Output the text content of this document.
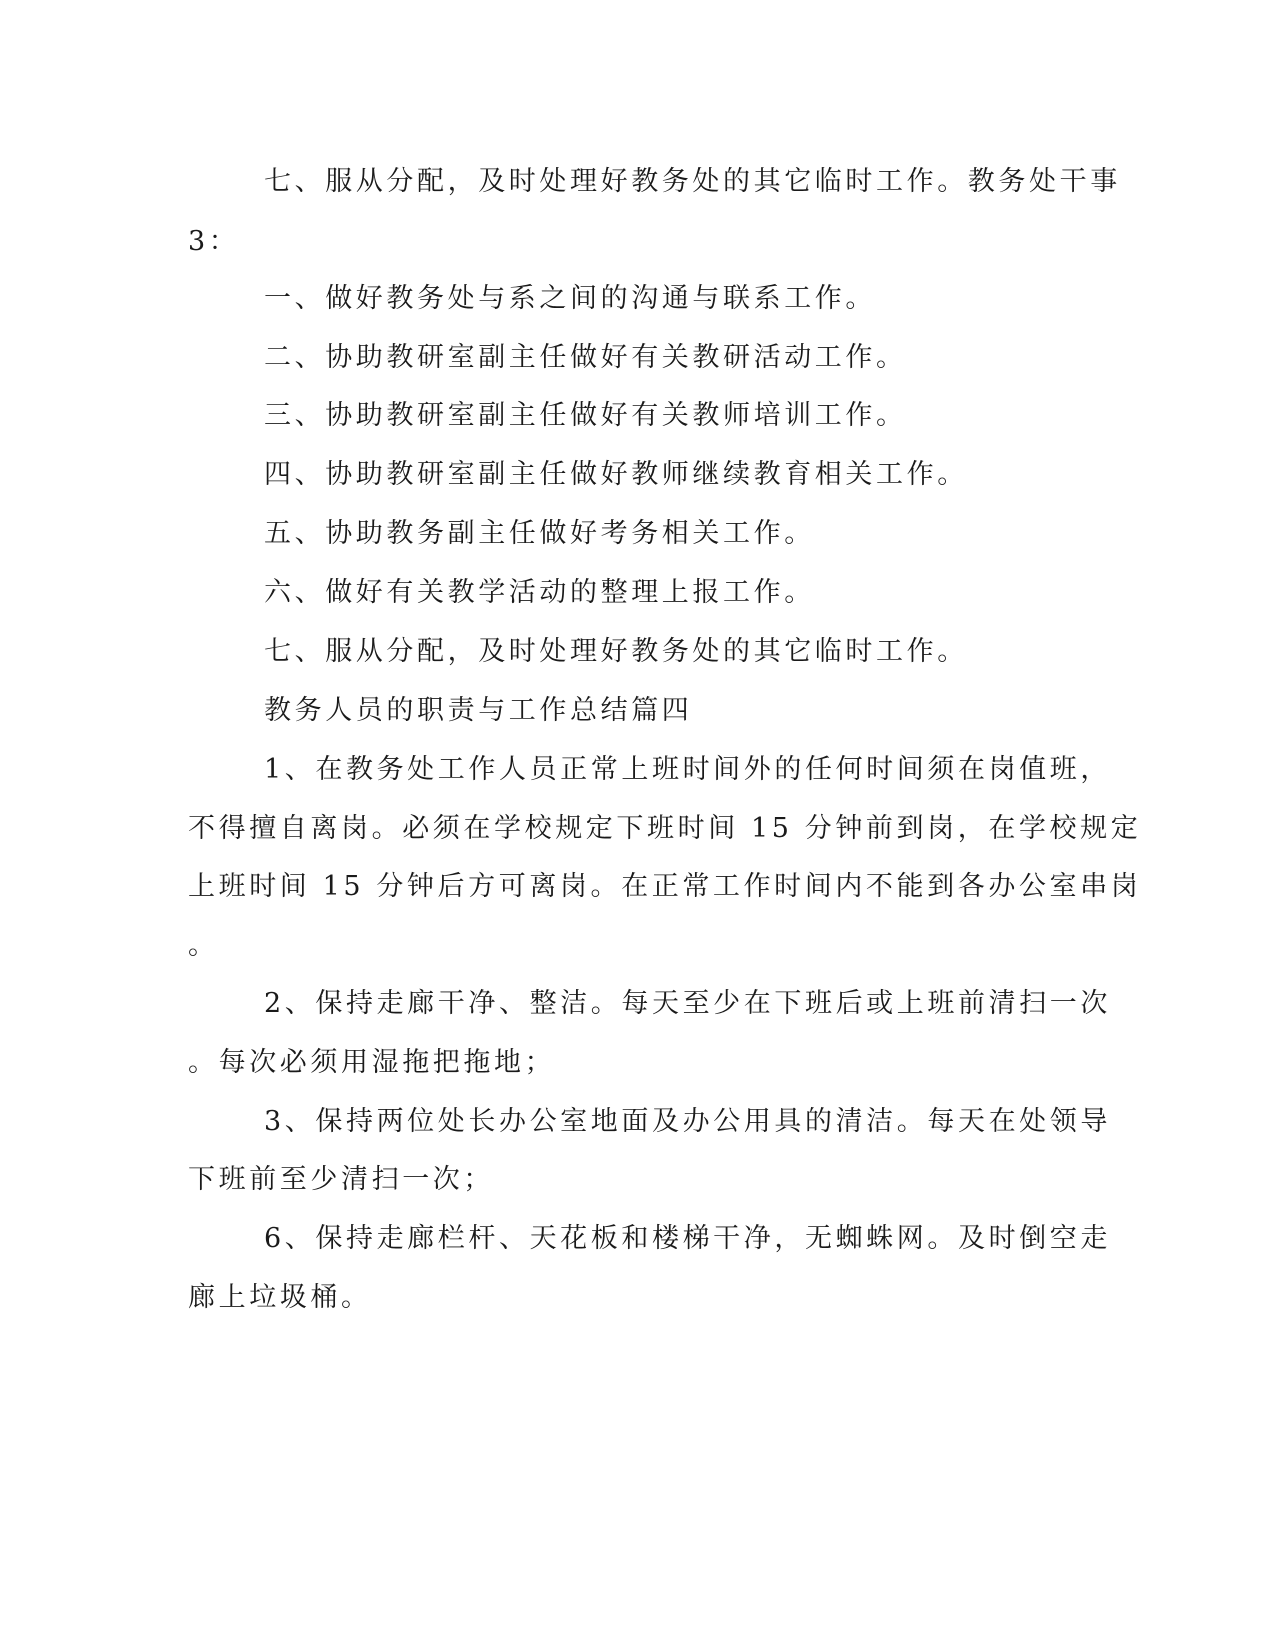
七、服从分配，及时处理好教务处的其它临时工作。教务处干事

3：

一、做好教务处与系之间的沟通与联系工作。

二、协助教研室副主任做好有关教研活动工作。

三、协助教研室副主任做好有关教师培训工作。

四、协助教研室副主任做好教师继续教育相关工作。

五、协助教务副主任做好考务相关工作。

六、做好有关教学活动的整理上报工作。

七、服从分配，及时处理好教务处的其它临时工作。

教务人员的职责与工作总结篇四

1、在教务处工作人员正常上班时间外的任何时间须在岗值班，

不得擅自离岗。必须在学校规定下班时间 15 分钟前到岗，在学校规定

上班时间 15 分钟后方可离岗。在正常工作时间内不能到各办公室串岗

。

2、保持走廊干净、整洁。每天至少在下班后或上班前清扫一次

。每次必须用湿拖把拖地；

3、保持两位处长办公室地面及办公用具的清洁。每天在处领导

下班前至少清扫一次；

6、保持走廊栏杆、天花板和楼梯干净，无蜘蛛网。及时倒空走

廊上垃圾桶。
